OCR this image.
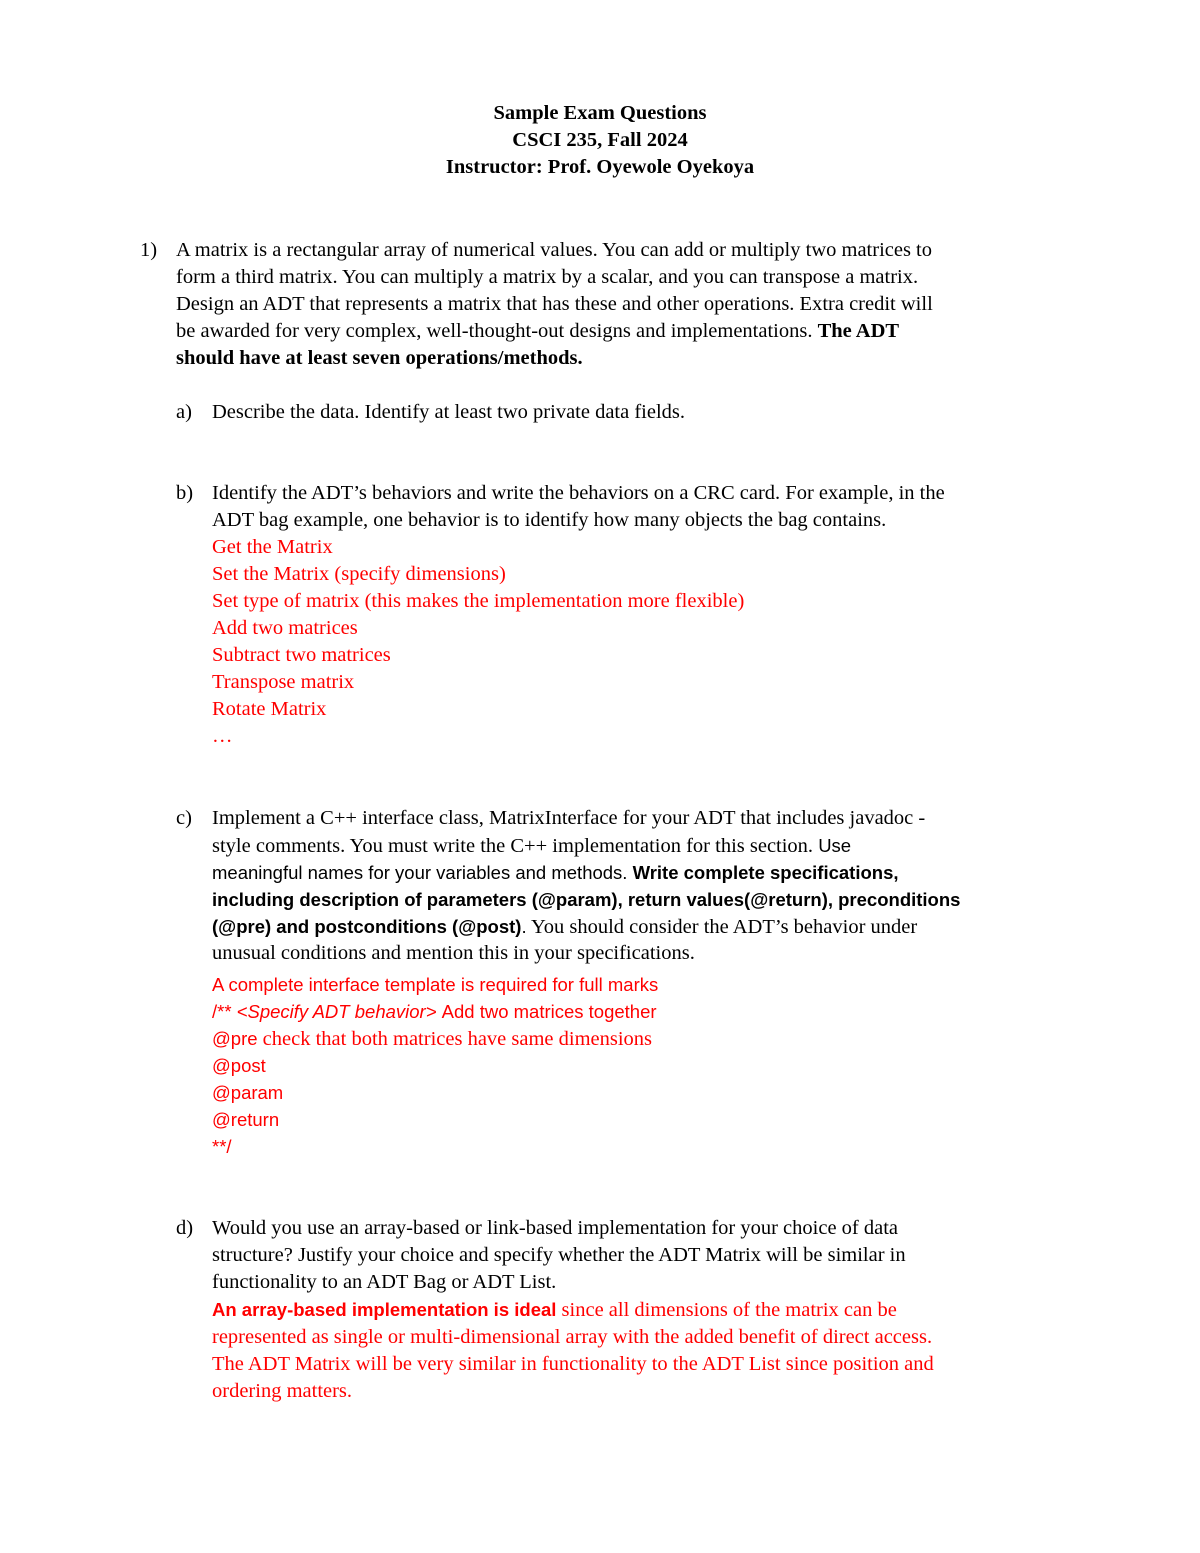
Sample Exam Questions
CSCI 235, Fall 2024
Instructor: Prof. Oyewole Oyekoya
1) A matrix is a rectangular array of numerical values. You can add or multiply two matrices to
form a third matrix. You can multiply a matrix by a scalar, and you can transpose a matrix.
Design an ADT that represents a matrix that has these and other operations. Extra credit will
be awarded for very complex, well-thought-out designs and implementations. The ADT
should have at least seven operations/methods.
a) Describe the data. Identify at least two private data fields.
b) Identify the ADT’s behaviors and write the behaviors on a CRC card. For example, in the
ADT bag example, one behavior is to identify how many objects the bag contains.
Get the Matrix
Set the Matrix (specify dimensions)
Set type of matrix (this makes the implementation more flexible)
Add two matrices
Subtract two matrices
Transpose matrix
Rotate Matrix
…
c) Implement a C++ interface class, MatrixInterface for your ADT that includes javadoc -
style comments. You must write the C++ implementation for this section. Use
meaningful names for your variables and methods. Write complete specifications,
including description of parameters (@param), return values(@return), preconditions
(@pre) and postconditions (@post). You should consider the ADT’s behavior under
unusual conditions and mention this in your specifications.
A complete interface template is required for full marks
/** <Specify ADT behavior> Add two matrices together
@pre check that both matrices have same dimensions
@post
@param
@return
**/
d) Would you use an array-based or link-based implementation for your choice of data
structure? Justify your choice and specify whether the ADT Matrix will be similar in
functionality to an ADT Bag or ADT List.
An array-based implementation is ideal since all dimensions of the matrix can be
represented as single or multi-dimensional array with the added benefit of direct access.
The ADT Matrix will be very similar in functionality to the ADT List since position and
ordering matters.
